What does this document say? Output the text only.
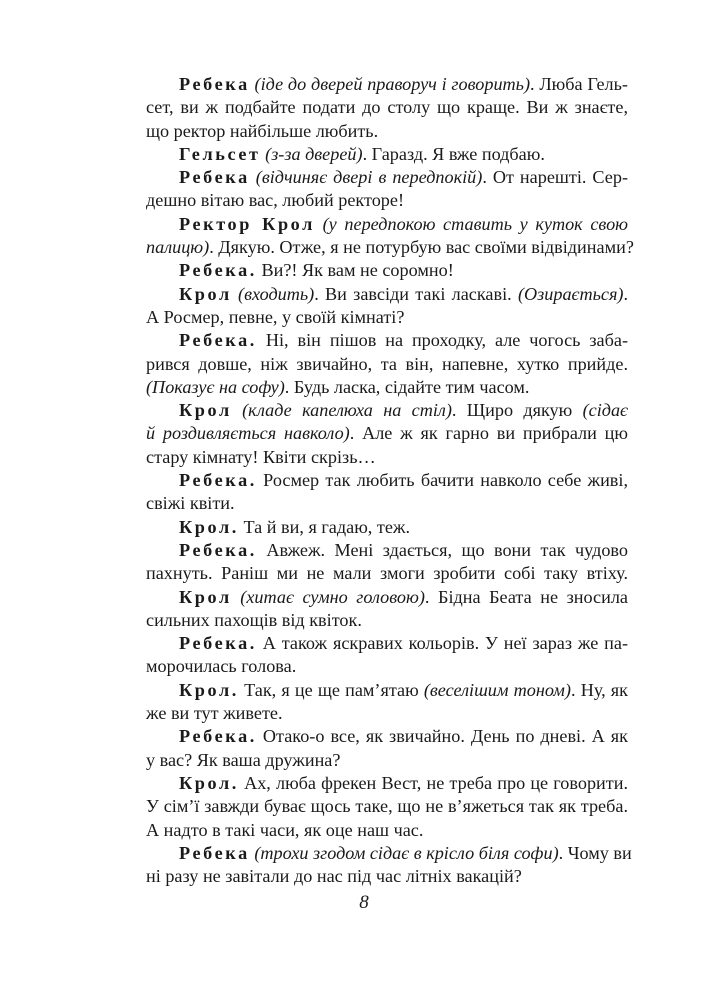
Ребека (іде до дверей праворуч і говорить). Люба Гель-
сет, ви ж подбайте подати до столу що краще. Ви ж знаєте,
що ректор найбільше любить.
Гельсет (з-за дверей). Гаразд. Я вже подбаю.
Ребека (відчиняє двері в передпокій). От нарешті. Сер-
дешно вітаю вас, любий ректоре!
Ректор Крол (у передпокою ставить у куток свою
палицю). Дякую. Отже, я не потурбую вас своїми відвідинами?
Ребека. Ви?! Як вам не соромно!
Крол (входить). Ви завсіди такі ласкаві. (Озирається).
А Росмер, певне, у своїй кімнаті?
Ребека. Ні, він пішов на проходку, але чогось заба-
рився довше, ніж звичайно, та він, напевне, хутко прийде.
(Показує на софу). Будь ласка, сідайте тим часом.
Крол (кладе капелюха на стіл). Щиро дякую (сідає
й роздивляється навколо). Але ж як гарно ви прибрали цю
стару кімнату! Квіти скрізь…
Ребека. Росмер так любить бачити навколо себе живі,
свіжі квіти.
Крол. Та й ви, я гадаю, теж.
Ребека. Авжеж. Мені здається, що вони так чудово
пахнуть. Раніш ми не мали змоги зробити собі таку втіху.
Крол (хитає сумно головою). Бідна Беата не зносила
сильних пахощів від квіток.
Ребека. А також яскравих кольорів. У неї зараз же па-
морочилась голова.
Крол. Так, я це ще пам’ятаю (веселішим тоном). Ну, як
же ви тут живете.
Ребека. Отако-о все, як звичайно. День по дневі. А як
у вас? Як ваша дружина?
Крол. Ах, люба фрекен Вест, не треба про це говорити.
У сім’ї завжди буває щось таке, що не в’яжеться так як треба.
А надто в такі часи, як оце наш час.
Ребека (трохи згодом сідає в крісло біля софи). Чому ви
ні разу не завітали до нас під час літніх вакацій?
8
